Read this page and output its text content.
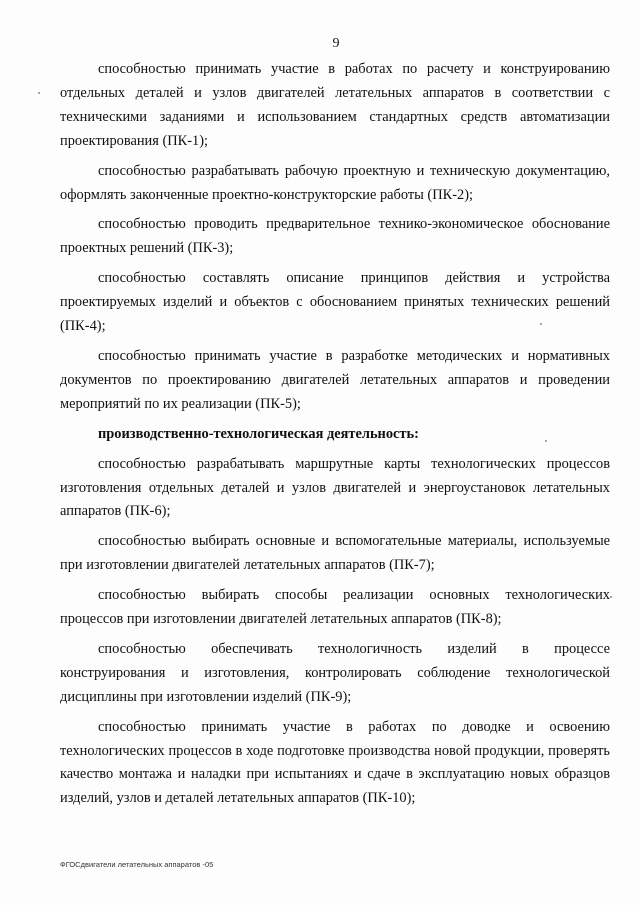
9

способностью принимать участие в работах по расчету и конструированию отдельных деталей и узлов двигателей летательных аппаратов в соответствии с техническими заданиями и использованием стандартных средств автоматизации проектирования (ПК-1);

способностью разрабатывать рабочую проектную и техническую документацию, оформлять законченные проектно-конструкторские работы (ПК-2);

способностью проводить предварительное технико-экономическое обоснование проектных решений (ПК-3);

способностью составлять описание принципов действия и устройства проектируемых изделий и объектов с обоснованием принятых технических решений (ПК-4);

способностью принимать участие в разработке методических и нормативных документов по проектированию двигателей летательных аппаратов и проведении мероприятий по их реализации (ПК-5);

производственно-технологическая деятельность:

способностью разрабатывать маршрутные карты технологических процессов изготовления отдельных деталей и узлов двигателей и энергоустановок летательных аппаратов (ПК-6);

способностью выбирать основные и вспомогательные материалы, используемые при изготовлении двигателей летательных аппаратов (ПК-7);

способностью выбирать способы реализации основных технологических процессов при изготовлении двигателей летательных аппаратов (ПК-8);

способностью обеспечивать технологичность изделий в процессе конструирования и изготовления, контролировать соблюдение технологической дисциплины при изготовлении изделий (ПК-9);

способностью принимать участие в работах по доводке и освоению технологических процессов в ходе подготовке производства новой продукции, проверять качество монтажа и наладки при испытаниях и сдаче в эксплуатацию новых образцов изделий, узлов и деталей летательных аппаратов (ПК-10);

ФГОСдвигатели летательных аппаратов -05
